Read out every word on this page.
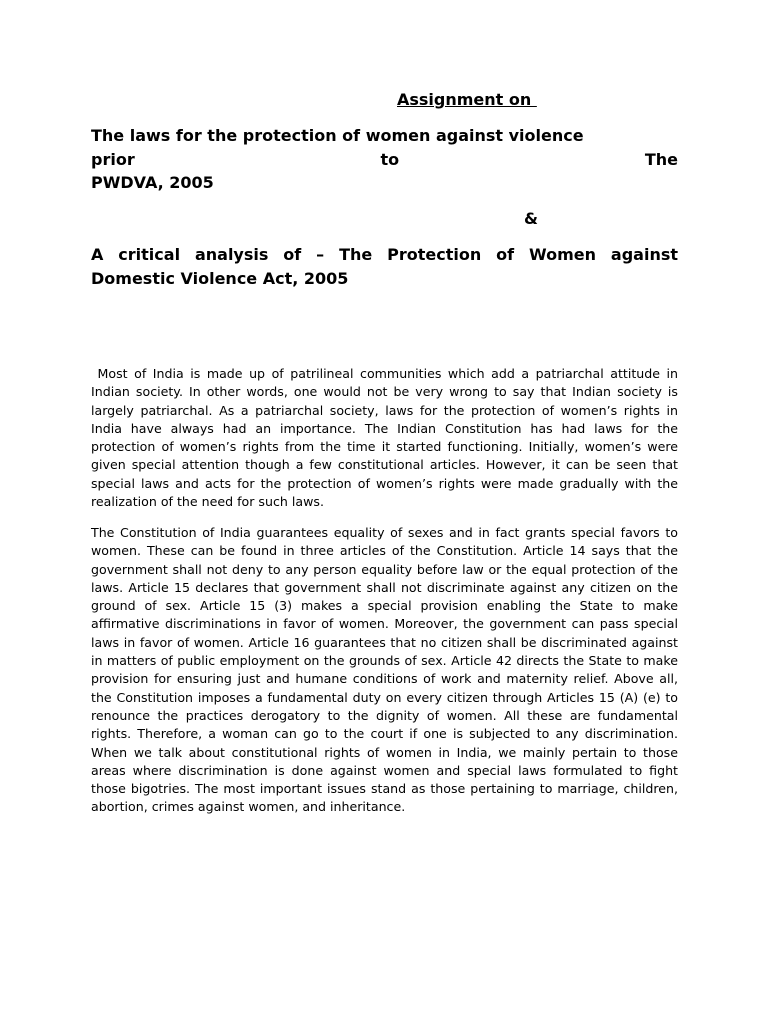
Assignment on
The laws for the protection of women against violence
prior	to	The
PWDVA, 2005

&

A critical analysis of – The Protection of Women against Domestic Violence Act, 2005

Most of India is made up of patrilineal communities which add a patriarchal attitude in Indian society. In other words, one would not be very wrong to say that Indian society is largely patriarchal. As a patriarchal society, laws for the protection of women’s rights in India have always had an importance. The Indian Constitution has had laws for the protection of women’s rights from the time it started functioning. Initially, women’s were given special attention though a few constitutional articles. However, it can be seen that special laws and acts for the protection of women’s rights were made gradually with the realization of the need for such laws.

The Constitution of India guarantees equality of sexes and in fact grants special favors to women. These can be found in three articles of the Constitution. Article 14 says that the government shall not deny to any person equality before law or the equal protection of the laws. Article 15 declares that government shall not discriminate against any citizen on the ground of sex. Article 15 (3) makes a special provision enabling the State to make affirmative discriminations in favor of women. Moreover, the government can pass special laws in favor of women. Article 16 guarantees that no citizen shall be discriminated against in matters of public employment on the grounds of sex. Article 42 directs the State to make provision for ensuring just and humane conditions of work and maternity relief. Above all, the Constitution imposes a fundamental duty on every citizen through Articles 15 (A) (e) to renounce the practices derogatory to the dignity of women. All these are fundamental rights. Therefore, a woman can go to the court if one is subjected to any discrimination. When we talk about constitutional rights of women in India, we mainly pertain to those areas where discrimination is done against women and special laws formulated to fight those bigotries. The most important issues stand as those pertaining to marriage, children, abortion, crimes against women, and inheritance.
